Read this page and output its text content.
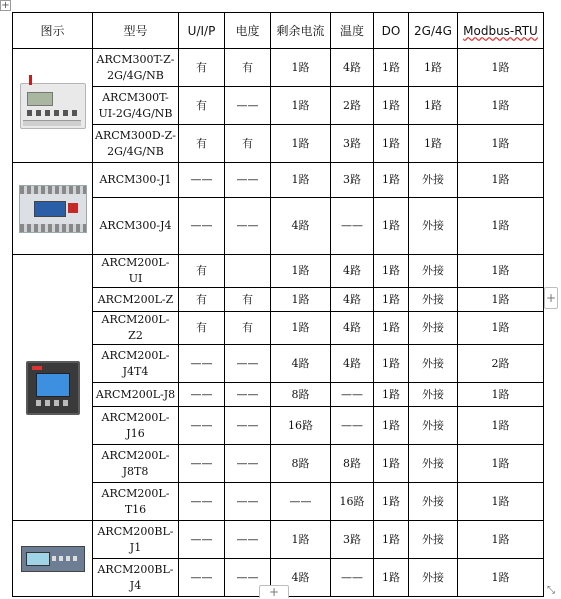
+
图示	型号	U/I/P	电度	剩余电流	温度	DO	2G/4G	Modbus-RTU

	ARCM300T-Z-2G/4G/NB	有	有	1路	4路	1路	1路	1路
	ARCM300T-UI-2G/4G/NB	有	——	1路	2路	1路	1路	1路
	ARCM300D-Z-2G/4G/NB	有	有	1路	3路	1路	1路	1路

	ARCM300-J1	——	——	1路	3路	1路	外接	1路
	ARCM300-J4	——	——	4路	——	1路	外接	1路

	ARCM200L-UI	有		1路	4路	1路	外接	1路
	ARCM200L-Z	有	有	1路	4路	1路	外接	1路
	ARCM200L-Z2	有	有	1路	4路	1路	外接	1路
	ARCM200L-J4T4	——	——	4路	4路	1路	外接	2路
	ARCM200L-J8	——	——	8路	——	1路	外接	1路
	ARCM200L-J16	——	——	16路	——	1路	外接	1路
	ARCM200L-J8T8	——	——	8路	8路	1路	外接	1路
	ARCM200L-T16	——	——	——	16路	1路	外接	1路

	ARCM200BL-J1	——	——	1路	3路	1路	外接	1路
	ARCM200BL-J4	——	——	4路	——	1路	外接	1路
+
+	⤡
